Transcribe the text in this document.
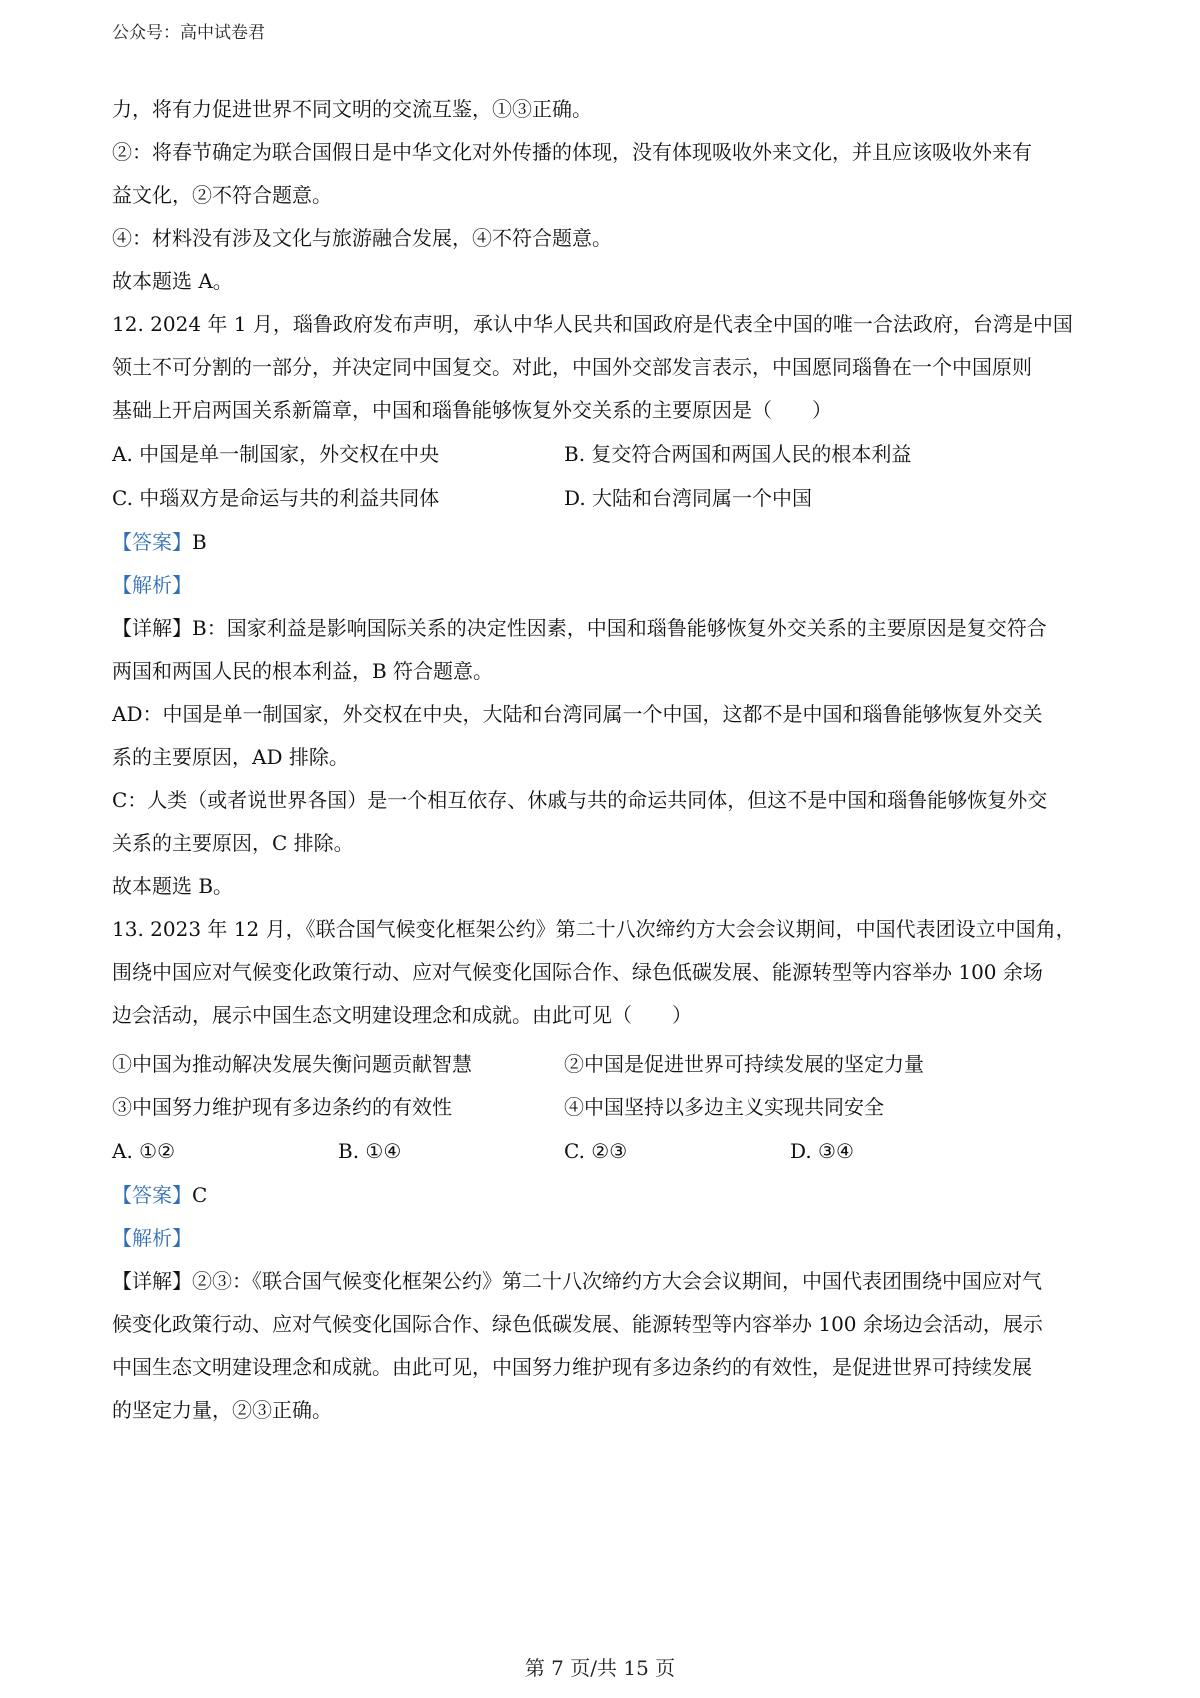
公众号：高中试卷君
力，将有力促进世界不同文明的交流互鉴，①③正确。
②：将春节确定为联合国假日是中华文化对外传播的体现，没有体现吸收外来文化，并且应该吸收外来有
益文化，②不符合题意。
④：材料没有涉及文化与旅游融合发展，④不符合题意。
故本题选 A。
12. 2024 年 1 月，瑙鲁政府发布声明，承认中华人民共和国政府是代表全中国的唯一合法政府，台湾是中国
领土不可分割的一部分，并决定同中国复交。对此，中国外交部发言表示，中国愿同瑙鲁在一个中国原则
基础上开启两国关系新篇章，中国和瑙鲁能够恢复外交关系的主要原因是（　　）
A. 中国是单一制国家，外交权在中央	B. 复交符合两国和两国人民的根本利益
C. 中瑙双方是命运与共的利益共同体	D. 大陆和台湾同属一个中国
【答案】B
【解析】
【详解】B：国家利益是影响国际关系的决定性因素，中国和瑙鲁能够恢复外交关系的主要原因是复交符合
两国和两国人民的根本利益，B 符合题意。
AD：中国是单一制国家，外交权在中央，大陆和台湾同属一个中国，这都不是中国和瑙鲁能够恢复外交关
系的主要原因，AD 排除。
C：人类（或者说世界各国）是一个相互依存、休戚与共的命运共同体，但这不是中国和瑙鲁能够恢复外交
关系的主要原因，C 排除。
故本题选 B。
13. 2023 年 12 月，《联合国气候变化框架公约》第二十八次缔约方大会会议期间，中国代表团设立中国角，
围绕中国应对气候变化政策行动、应对气候变化国际合作、绿色低碳发展、能源转型等内容举办 100 余场
边会活动，展示中国生态文明建设理念和成就。由此可见（　　）
①中国为推动解决发展失衡问题贡献智慧	②中国是促进世界可持续发展的坚定力量
③中国努力维护现有多边条约的有效性	④中国坚持以多边主义实现共同安全
A. ①②	B. ①④	C. ②③	D. ③④
【答案】C
【解析】
【详解】②③：《联合国气候变化框架公约》第二十八次缔约方大会会议期间，中国代表团围绕中国应对气
候变化政策行动、应对气候变化国际合作、绿色低碳发展、能源转型等内容举办 100 余场边会活动，展示
中国生态文明建设理念和成就。由此可见，中国努力维护现有多边条约的有效性，是促进世界可持续发展
的坚定力量，②③正确。
第 7 页/共 15 页
